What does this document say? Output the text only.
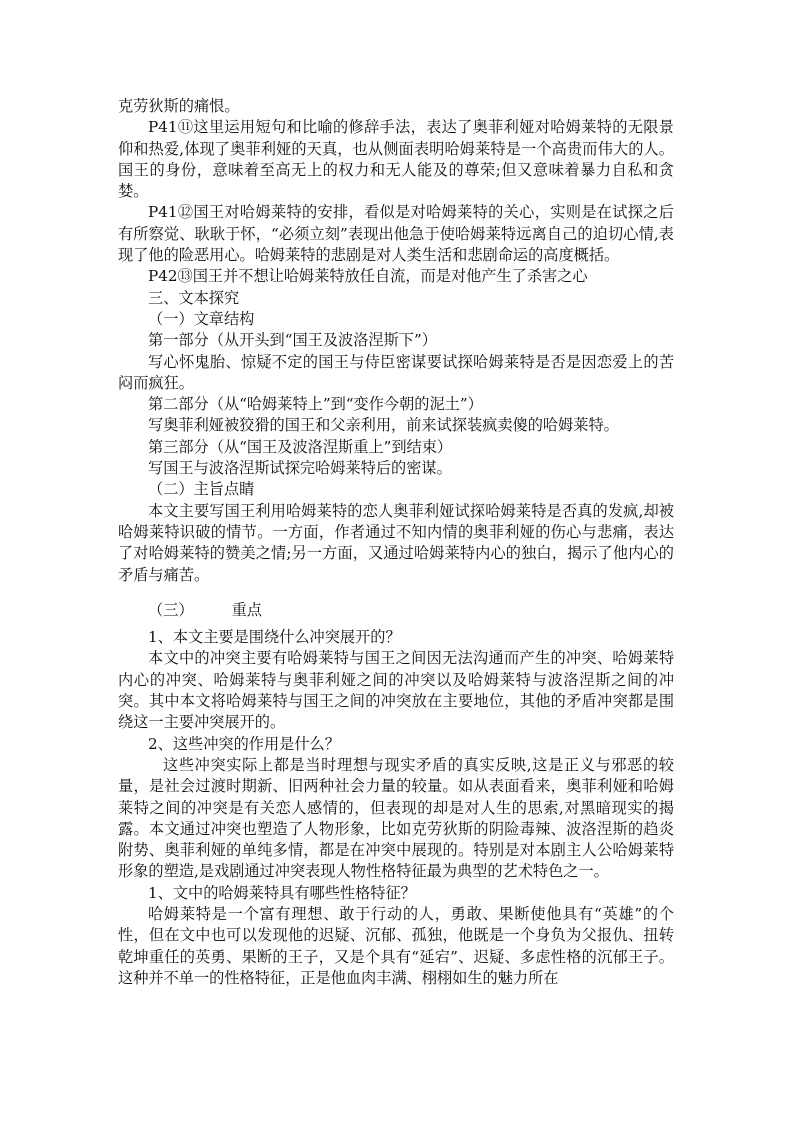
克劳狄斯的痛恨。

P41⑪这里运用短句和比喻的修辞手法，表达了奥菲利娅对哈姆莱特的无限景仰和热爱,体现了奥菲利娅的天真，也从侧面表明哈姆莱特是一个高贵而伟大的人。国王的身份，意味着至高无上的权力和无人能及的尊荣;但又意味着暴力自私和贪婪。

P41⑫国王对哈姆莱特的安排，看似是对哈姆莱特的关心，实则是在试探之后有所察觉、耿耿于怀，“必须立刻”表现出他急于使哈姆莱特远离自己的迫切心情,表现了他的险恶用心。哈姆莱特的悲剧是对人类生活和悲剧命运的高度概括。

P42⑬国王并不想让哈姆莱特放任自流，而是对他产生了杀害之心

三、文本探究

（一）文章结构

第一部分（从开头到“国王及波洛涅斯下”）

写心怀鬼胎、惊疑不定的国王与侍臣密谋要试探哈姆莱特是否是因恋爱上的苦闷而疯狂。

第二部分（从“哈姆莱特上”到“变作今朝的泥土”）

写奥菲利娅被狡猾的国王和父亲利用，前来试探装疯卖傻的哈姆莱特。

第三部分（从“国王及波洛涅斯重上”到结束）

写国王与波洛涅斯试探完哈姆莱特后的密谋。

（二）主旨点睛

本文主要写国王利用哈姆莱特的恋人奥菲利娅试探哈姆莱特是否真的发疯,却被哈姆莱特识破的情节。一方面，作者通过不知内情的奥菲利娅的伤心与悲痛，表达了对哈姆莱特的赞美之情;另一方面，又通过哈姆莱特内心的独白，揭示了他内心的矛盾与痛苦。

（三）	重点

1、本文主要是围绕什么冲突展开的？

本文中的冲突主要有哈姆莱特与国王之间因无法沟通而产生的冲突、哈姆莱特内心的冲突、哈姆莱特与奥菲利娅之间的冲突以及哈姆莱特与波洛涅斯之间的冲突。其中本文将哈姆莱特与国王之间的冲突放在主要地位，其他的矛盾冲突都是围绕这一主要冲突展开的。

2、这些冲突的作用是什么？

这些冲突实际上都是当时理想与现实矛盾的真实反映,这是正义与邪恶的较量，是社会过渡时期新、旧两种社会力量的较量。如从表面看来，奥菲利娅和哈姆莱特之间的冲突是有关恋人感情的，但表现的却是对人生的思索,对黑暗现实的揭露。本文通过冲突也塑造了人物形象，比如克劳狄斯的阴险毒辣、波洛涅斯的趋炎附势、奥菲利娅的单纯多情，都是在冲突中展现的。特别是对本剧主人公哈姆莱特形象的塑造,是戏剧通过冲突表现人物性格特征最为典型的艺术特色之一。

1、文中的哈姆莱特具有哪些性格特征？

哈姆莱特是一个富有理想、敢于行动的人，勇敢、果断使他具有“英雄”的个性，但在文中也可以发现他的迟疑、沉郁、孤独，他既是一个身负为父报仇、扭转乾坤重任的英勇、果断的王子，又是个具有“延宕”、迟疑、多虑性格的沉郁王子。这种并不单一的性格特征，正是他血肉丰满、栩栩如生的魅力所在
